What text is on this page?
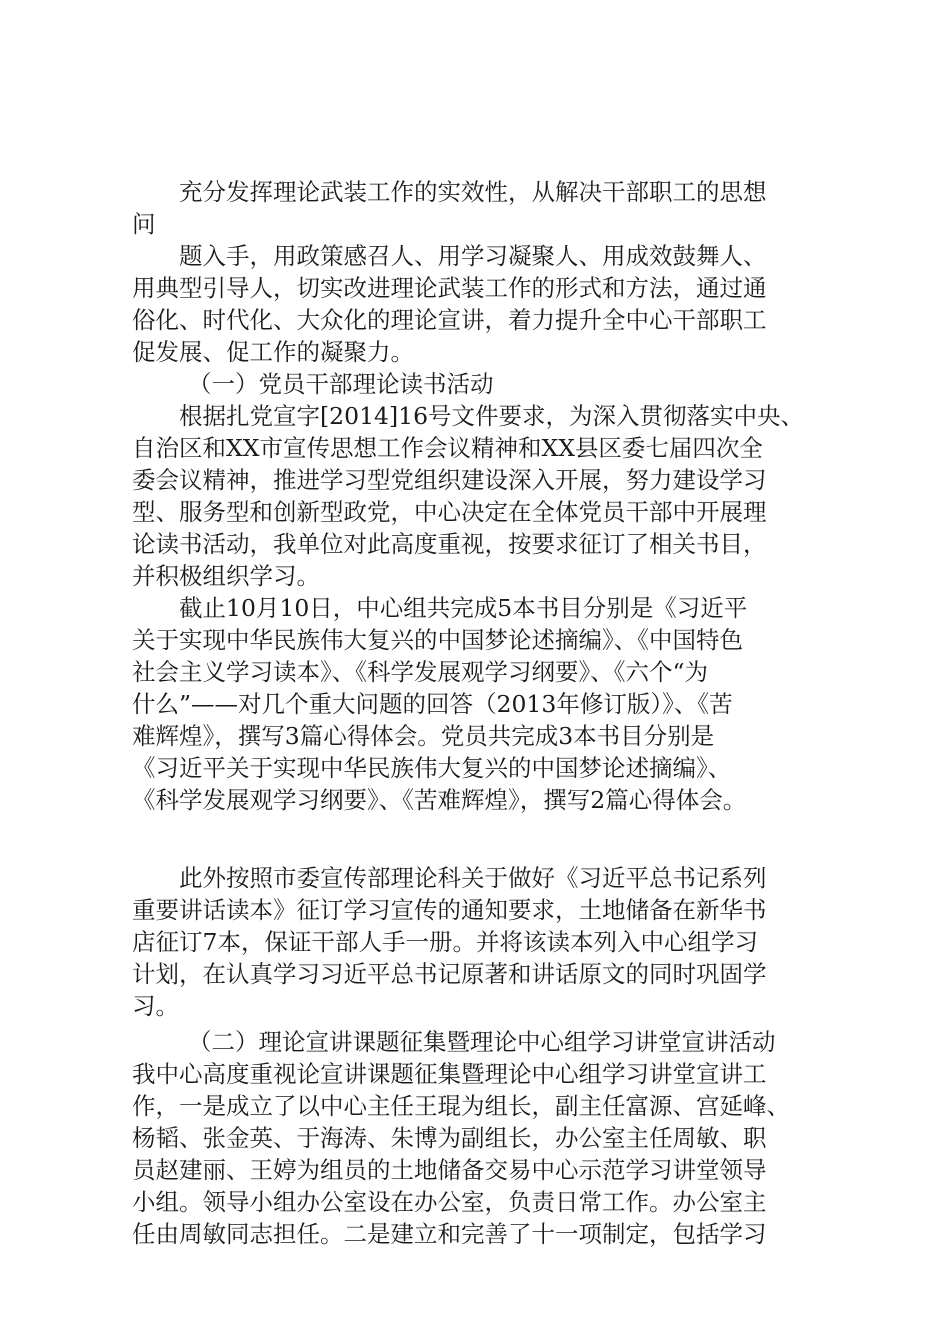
充分发挥理论武装工作的实效性，从解决干部职工的思想

问

题入手，用政策感召人、用学习凝聚人、用成效鼓舞人、

用典型引导人，切实改进理论武装工作的形式和方法，通过通

俗化、时代化、大众化的理论宣讲，着力提升全中心干部职工

促发展、促工作的凝聚力。

（一）党员干部理论读书活动

根据扎党宣字[2014]16号文件要求，为深入贯彻落实中央、

自治区和XX市宣传思想工作会议精神和XX县区委七届四次全

委会议精神，推进学习型党组织建设深入开展，努力建设学习

型、服务型和创新型政党，中心决定在全体党员干部中开展理

论读书活动，我单位对此高度重视，按要求征订了相关书目，

并积极组织学习。

截止10月10日，中心组共完成5本书目分别是《习近平

关于实现中华民族伟大复兴的中国梦论述摘编》、《中国特色

社会主义学习读本》、《科学发展观学习纲要》、《六个“为

什么”——对几个重大问题的回答（2013年修订版）》、《苦

难辉煌》，撰写3篇心得体会。党员共完成3本书目分别是

《习近平关于实现中华民族伟大复兴的中国梦论述摘编》、

《科学发展观学习纲要》、《苦难辉煌》，撰写2篇心得体会。

此外按照市委宣传部理论科关于做好《习近平总书记系列

重要讲话读本》征订学习宣传的通知要求，土地储备在新华书

店征订7本，保证干部人手一册。并将该读本列入中心组学习

计划，在认真学习习近平总书记原著和讲话原文的同时巩固学

习。

（二）理论宣讲课题征集暨理论中心组学习讲堂宣讲活动

我中心高度重视论宣讲课题征集暨理论中心组学习讲堂宣讲工

作，一是成立了以中心主任王琨为组长，副主任富源、宫延峰、

杨韬、张金英、于海涛、朱博为副组长，办公室主任周敏、职

员赵建丽、王婷为组员的土地储备交易中心示范学习讲堂领导

小组。领导小组办公室设在办公室，负责日常工作。办公室主

任由周敏同志担任。二是建立和完善了十一项制定，包括学习
